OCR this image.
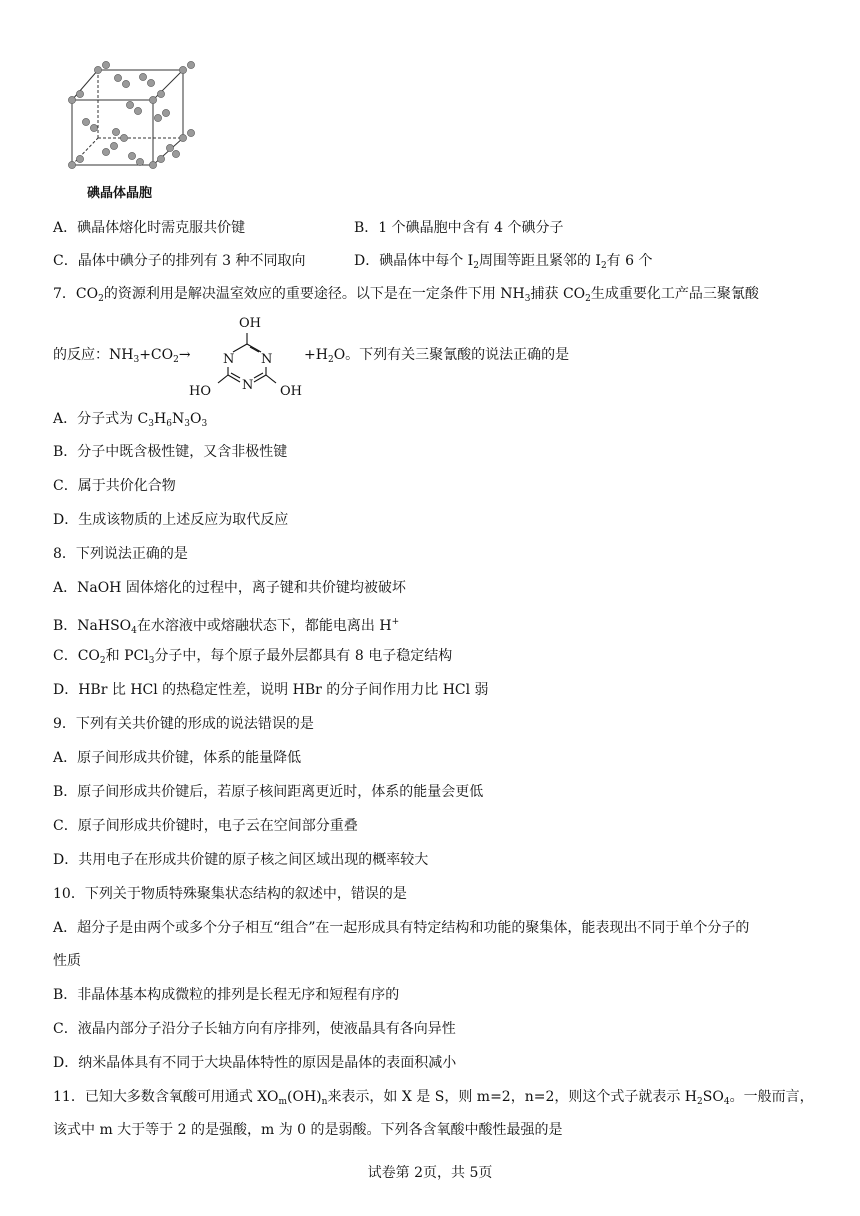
碘晶体晶胞
A．碘晶体熔化时需克服共价键	B．1 个碘晶胞中含有 4 个碘分子
C．晶体中碘分子的排列有 3 种不同取向	D．碘晶体中每个 $I_2$周围等距且紧邻的 $I_2$有 6 个
7．$CO_2$的资源利用是解决温室效应的重要途径。以下是在一定条件下用 $NH_3$捕获 $CO_2$生成重要化工产品三聚氰酸
的反应：$NH_3+CO_2\to$
OH
N N
N
HO	OH
$+H_2O$。下列有关三聚氰酸的说法正确的是
A．分子式为 $C_3H_6N_3O_3$
B．分子中既含极性键，又含非极性键
C．属于共价化合物
D．生成该物质的上述反应为取代反应
8．下列说法正确的是
A．NaOH 固体熔化的过程中，离子键和共价键均被破坏
B．NaHSO$_4$在水溶液中或熔融状态下，都能电离出 H+
C．$CO_2$和 PCl$_3$分子中，每个原子最外层都具有 8 电子稳定结构
D．HBr 比 HCl 的热稳定性差，说明 HBr 的分子间作用力比 HCl 弱
9．下列有关共价键的形成的说法错误的是
A．原子间形成共价键，体系的能量降低
B．原子间形成共价键后，若原子核间距离更近时，体系的能量会更低
C．原子间形成共价键时，电子云在空间部分重叠
D．共用电子在形成共价键的原子核之间区域出现的概率较大
10．下列关于物质特殊聚集状态结构的叙述中，错误的是
A．超分子是由两个或多个分子相互“组合”在一起形成具有特定结构和功能的聚集体，能表现出不同于单个分子的
性质
B．非晶体基本构成微粒的排列是长程无序和短程有序的
C．液晶内部分子沿分子长轴方向有序排列，使液晶具有各向异性
D．纳米晶体具有不同于大块晶体特性的原因是晶体的表面积减小
11．已知大多数含氧酸可用通式 $XO_m(OH)_n$来表示，如 X 是 S，则 m=2，n=2，则这个式子就表示 $H_2SO_4$。一般而言，
该式中 m 大于等于 2 的是强酸，m 为 0 的是弱酸。下列各含氧酸中酸性最强的是
试卷第 2页，共 5页
